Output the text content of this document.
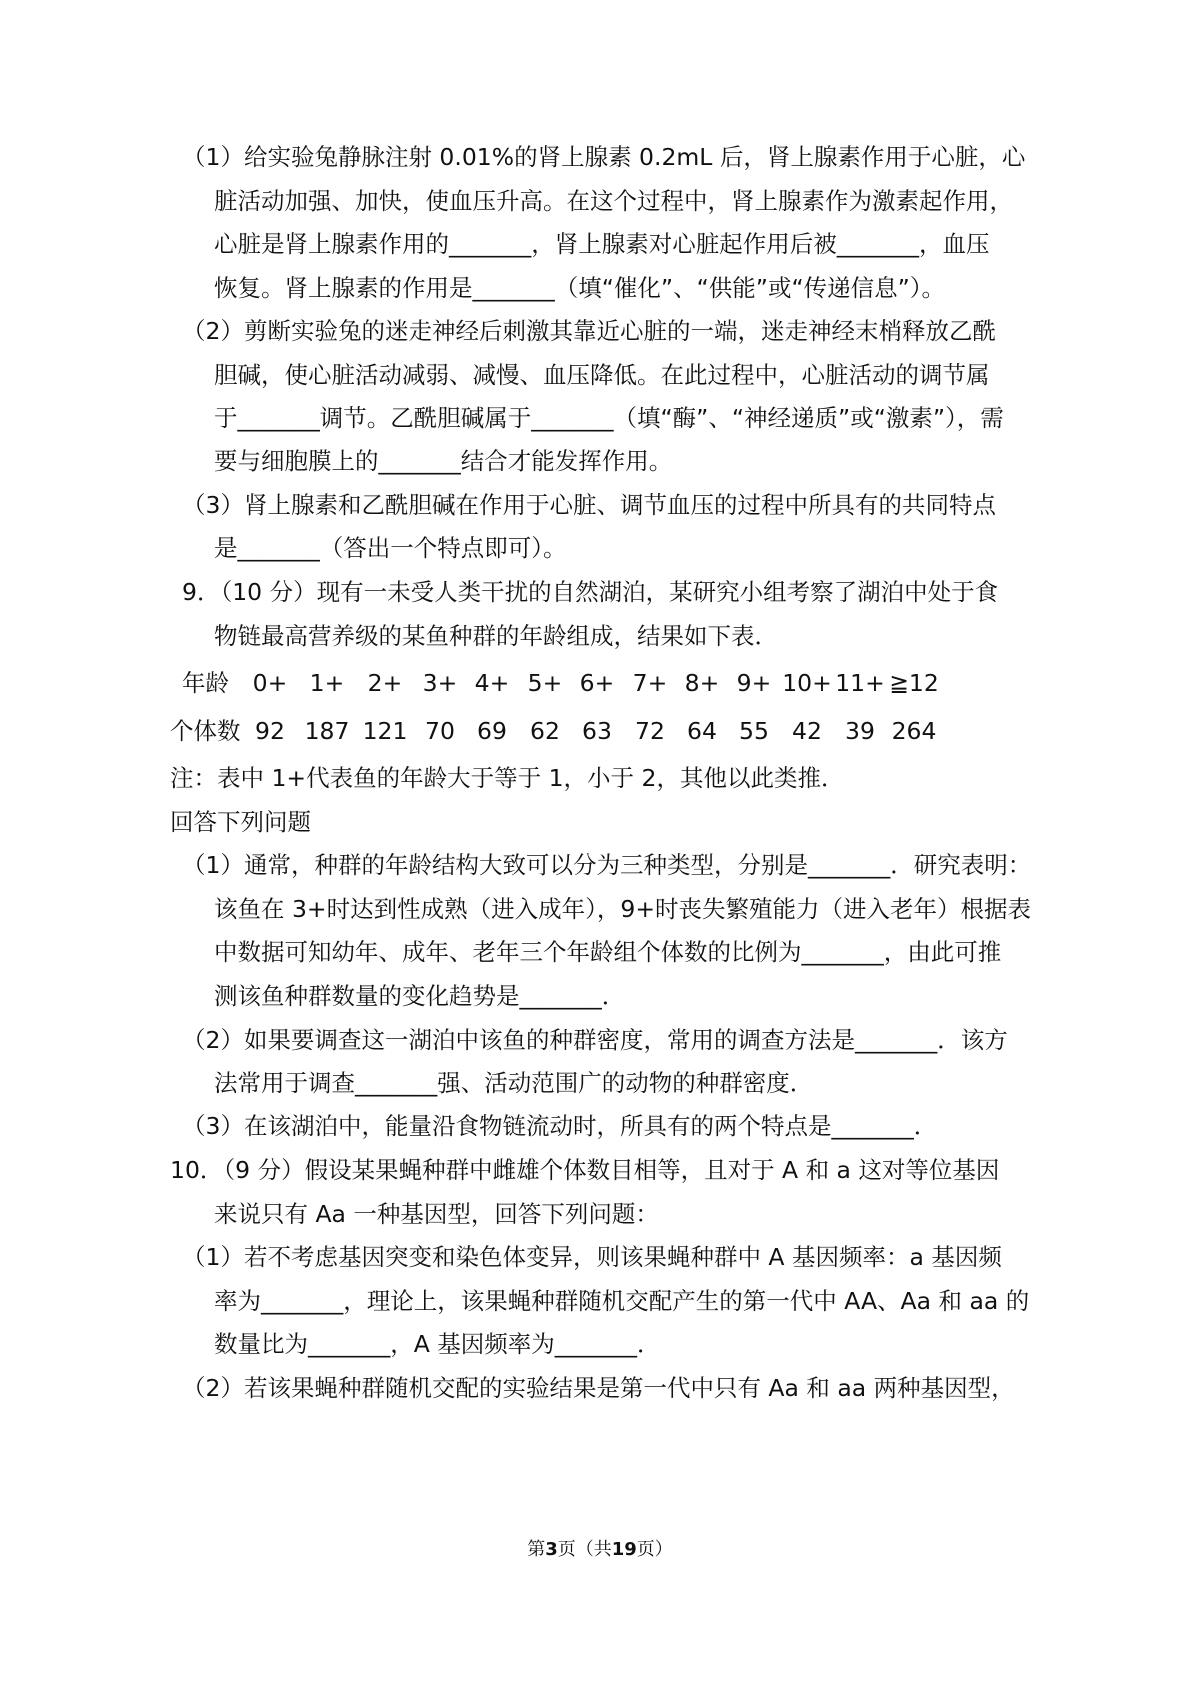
（1）给实验兔静脉注射 0.01%的肾上腺素 0.2mL 后，肾上腺素作用于心脏，心
脏活动加强、加快，使血压升高。在这个过程中，肾上腺素作为激素起作用，
心脏是肾上腺素作用的_______，肾上腺素对心脏起作用后被_______，血压
恢复。肾上腺素的作用是_______（填“催化”、“供能”或“传递信息”）。
（2）剪断实验兔的迷走神经后刺激其靠近心脏的一端，迷走神经末梢释放乙酰
胆碱，使心脏活动减弱、减慢、血压降低。在此过程中，心脏活动的调节属
于_______调节。乙酰胆碱属于_______（填“酶”、“神经递质”或“激素”），需
要与细胞膜上的_______结合才能发挥作用。
（3）肾上腺素和乙酰胆碱在作用于心脏、调节血压的过程中所具有的共同特点
是_______（答出一个特点即可）。
9．（10 分）现有一未受人类干扰的自然湖泊，某研究小组考察了湖泊中处于食
物链最高营养级的某鱼种群的年龄组成，结果如下表．
年龄 0+ 1+ 2+ 3+ 4+ 5+ 6+ 7+ 8+ 9+ 10+ 11+ ≧12
个体数 92 187 121 70 69 62 63 72 64 55 42 39 264
注：表中 1+代表鱼的年龄大于等于 1，小于 2，其他以此类推．
回答下列问题
（1）通常，种群的年龄结构大致可以分为三种类型，分别是_______．研究表明：
该鱼在 3+时达到性成熟（进入成年），9+时丧失繁殖能力（进入老年）根据表
中数据可知幼年、成年、老年三个年龄组个体数的比例为_______，由此可推
测该鱼种群数量的变化趋势是_______．
（2）如果要调查这一湖泊中该鱼的种群密度，常用的调查方法是_______．该方
法常用于调查_______强、活动范围广的动物的种群密度．
（3）在该湖泊中，能量沿食物链流动时，所具有的两个特点是_______．
10．（9 分）假设某果蝇种群中雌雄个体数目相等，且对于 A 和 a 这对等位基因
来说只有 Aa 一种基因型，回答下列问题：
（1）若不考虑基因突变和染色体变异，则该果蝇种群中 A 基因频率：a 基因频
率为_______，理论上，该果蝇种群随机交配产生的第一代中 AA、Aa 和 aa 的
数量比为_______，A 基因频率为_______．
（2）若该果蝇种群随机交配的实验结果是第一代中只有 Aa 和 aa 两种基因型，
第3页（共19页）
